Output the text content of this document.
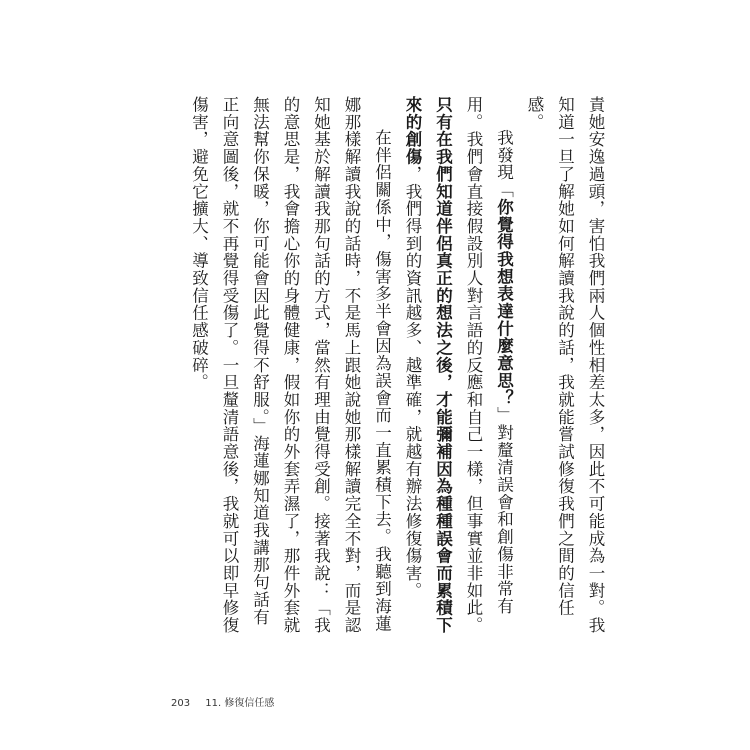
責她安逸過頭，害怕我們兩人個性相差太多，因此不可能成為一對。我知道一旦了解她如何解讀我說的話，我就能嘗試修復我們之間的信任感。

我發現「你覺得我想表達什麼意思？」對釐清誤會和創傷非常有用。我們會直接假設別人對言語的反應和自己一樣，但事實並非如此。只有在我們知道伴侶真正的想法之後，才能彌補因為種種誤會而累積下來的創傷，我們得到的資訊越多、越準確，就越有辦法修復傷害。

在伴侶關係中，傷害多半會因為誤會而一直累積下去。我聽到海蓮娜那樣解讀我說的話時，不是馬上跟她說她那樣解讀完全不對，而是認知她基於解讀我那句話的方式，當然有理由覺得受創。接著我說：「我的意思是，我會擔心你的身體健康，假如你的外套弄濕了，那件外套就無法幫你保暖，你可能會因此覺得不舒服。」海蓮娜知道我講那句話有正向意圖後，就不再覺得受傷了。一旦釐清語意後，我就可以即早修復傷害，避免它擴大、導致信任感破碎。

203 11. 修復信任感
